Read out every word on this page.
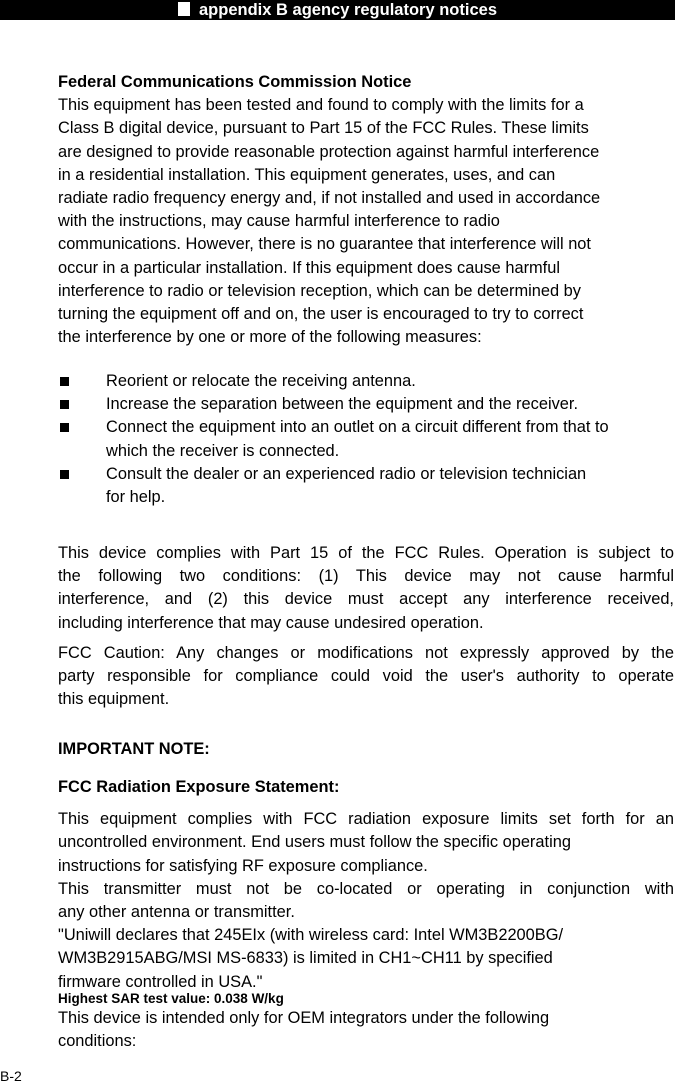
appendix B agency regulatory notices
Federal Communications Commission Notice
This equipment has been tested and found to comply with the limits for a
Class B digital device, pursuant to Part 15 of the FCC Rules. These limits
are designed to provide reasonable protection against harmful interference
in a residential installation. This equipment generates, uses, and can
radiate radio frequency energy and, if not installed and used in accordance
with the instructions, may cause harmful interference to radio
communications. However, there is no guarantee that interference will not
occur in a particular installation. If this equipment does cause harmful
interference to radio or television reception, which can be determined by
turning the equipment off and on, the user is encouraged to try to correct
the interference by one or more of the following measures:
Reorient or relocate the receiving antenna.
Increase the separation between the equipment and the receiver.
Connect the equipment into an outlet on a circuit different from that to
which the receiver is connected.
Consult the dealer or an experienced radio or television technician
for help.
This device complies with Part 15 of the FCC Rules. Operation is subject to
the following two conditions: (1) This device may not cause harmful
interference, and (2) this device must accept any interference received,
including interference that may cause undesired operation.
FCC Caution: Any changes or modifications not expressly approved by the
party responsible for compliance could void the user's authority to operate
this equipment.
IMPORTANT NOTE:
FCC Radiation Exposure Statement:
This equipment complies with FCC radiation exposure limits set forth for an
uncontrolled environment. End users must follow the specific operating
instructions for satisfying RF exposure compliance.
This transmitter must not be co-located or operating in conjunction with
any other antenna or transmitter.
"Uniwill declares that 245EIx (with wireless card: Intel WM3B2200BG/
WM3B2915ABG/MSI MS-6833) is limited in CH1~CH11 by specified
firmware controlled in USA."
Highest SAR test value: 0.038 W/kg
This device is intended only for OEM integrators under the following
conditions:
B-2
